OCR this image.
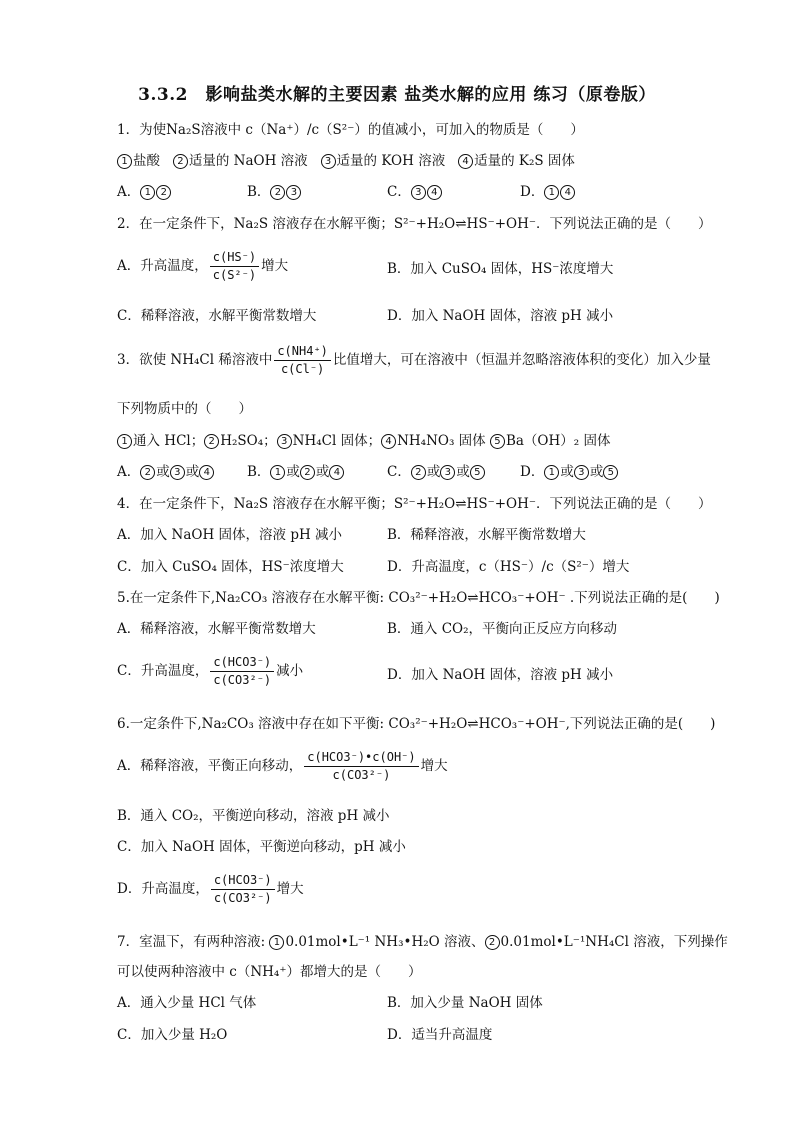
3.3.2　影响盐类水解的主要因素 盐类水解的应用 练习（原卷版）
1．为使Na₂S溶液中 c（Na⁺）/c（S²⁻）的值减小，可加入的物质是（　　）
1 盐酸 2 适量的 NaOH 溶液 3 适量的 KOH 溶液 4 适量的 K₂S 固体
A． 1 2	B． 2 3	C． 3 4	D． 1 4
2．在一定条件下，Na₂S 溶液存在水解平衡；S²⁻+H₂O⇌HS⁻+OH⁻．下列说法正确的是（　　）
A．升高温度， $\frac{c(HS^-)}{\text{c(S²⁻)}}$ 增大	B．加入 CuSO₄ 固体，HS⁻浓度增大
C．稀释溶液，水解平衡常数增大	D．加入 NaOH 固体，溶液 pH 减小
3．欲使 NH₄Cl 稀溶液中 $\frac{c(NH4^+)}{c(Cl^-)}$ 比值增大，可在溶液中（恒温并忽略溶液体积的变化）加入少量
下列物质中的（　　）
1 通入 HCl； 2 H₂SO₄； 3 NH₄Cl 固体； 4 NH₄NO₃ 固体 5 Ba（OH）₂ 固体
A． 2 或 3 或 4	B． 1 或 2 或 4	C． 2 或 3 或 5	D． 1 或 3 或 5
4．在一定条件下，Na₂S 溶液存在水解平衡；S²⁻+H₂O⇌HS⁻+OH⁻．下列说法正确的是（　　）
A．加入 NaOH 固体，溶液 pH 减小	B．稀释溶液，水解平衡常数增大
C．加入 CuSO₄ 固体，HS⁻浓度增大	D．升高温度，c（HS⁻）/c（S²⁻）增大
5.在一定条件下,Na₂CO₃ 溶液存在水解平衡: CO₃²⁻+H₂O⇌HCO₃⁻+OH⁻ .下列说法正确的是(　　)
A．稀释溶液，水解平衡常数增大	B．通入 CO₂，平衡向正反应方向移动
C．升高温度， $\frac{\text{c(HCO3⁻)}}{\text{c(CO3²⁻)}}$ 减小	D．加入 NaOH 固体，溶液 pH 减小
6.一定条件下,Na₂CO₃ 溶液中存在如下平衡: CO₃²⁻+H₂O⇌HCO₃⁻+OH⁻,下列说法正确的是(　　)
A．稀释溶液，平衡正向移动， $\frac{\text{c(HCO3⁻)•c(OH⁻)}}{\text{c(CO3²⁻)}}$ 增大
B．通入 CO₂，平衡逆向移动，溶液 pH 减小
C．加入 NaOH 固体，平衡逆向移动，pH 减小
D．升高温度， $\frac{\text{c(HCO3⁻)}}{\text{c(CO3²⁻)}}$ 增大
7．室温下，有两种溶液: 1 0.01mol•L⁻¹ NH₃•H₂O 溶液、 2 0.01mol•L⁻¹NH₄Cl 溶液，下列操作
可以使两种溶液中 c（NH₄⁺）都增大的是（　　）
A．通入少量 HCl 气体	B．加入少量 NaOH 固体
C．加入少量 H₂O	D．适当升高温度
